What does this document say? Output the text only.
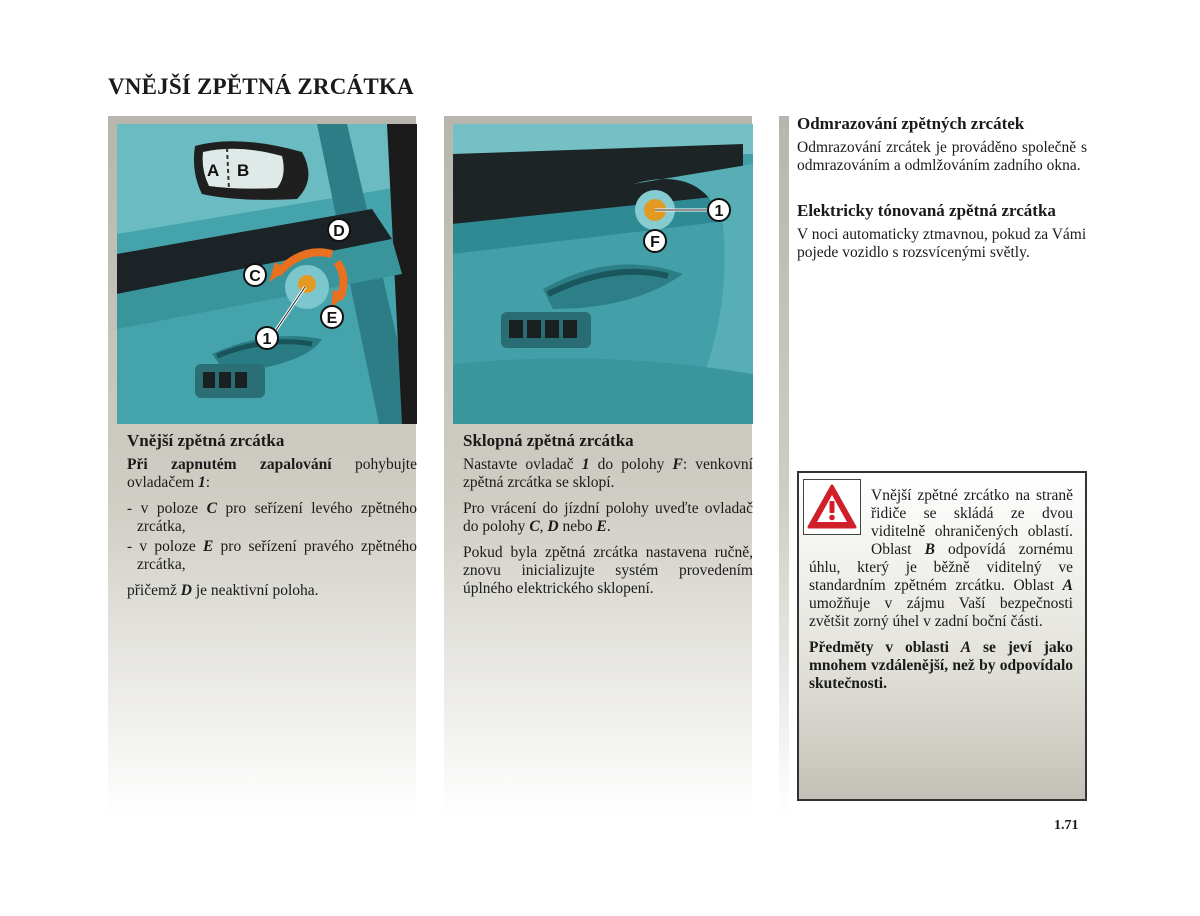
VNĚJŠÍ ZPĚTNÁ ZRCÁTKA
A B
D
C
E
1
1
F
Vnější zpětná zrcátka

Při zapnutém zapalování pohybujte ovladačem 1:

- v poloze C pro seřízení levého zpětného zrcátka,
- v poloze E pro seřízení pravého zpětného zrcátka,

přičemž D je neaktivní poloha.

Sklopná zpětná zrcátka

Nastavte ovladač 1 do polohy F: venkovní zpětná zrcátka se sklopí.

Pro vrácení do jízdní polohy uveďte ovladač do polohy C, D nebo E.

Pokud byla zpětná zrcátka nastavena ručně, znovu inicializujte systém provedením úplného elektrického sklopení.

Odmrazování zpětných zrcátek

Odmrazování zrcátek je prováděno společně s odmrazováním a odmlžováním zadního okna.

Elektricky tónovaná zpětná zrcátka

V noci automaticky ztmavnou, pokud za Vámi pojede vozidlo s rozsvícenými světly.

Vnější zpětné zrcátko na straně řidiče se skládá ze dvou viditelně ohraničených oblastí. Oblast B odpovídá zornému úhlu, který je běžně viditelný ve standardním zpětném zrcátku. Oblast A umožňuje v zájmu Vaší bezpečnosti zvětšit zorný úhel v zadní boční části.

Předměty v oblasti A se jeví jako mnohem vzdálenější, než by odpovídalo skutečnosti.

1.71
